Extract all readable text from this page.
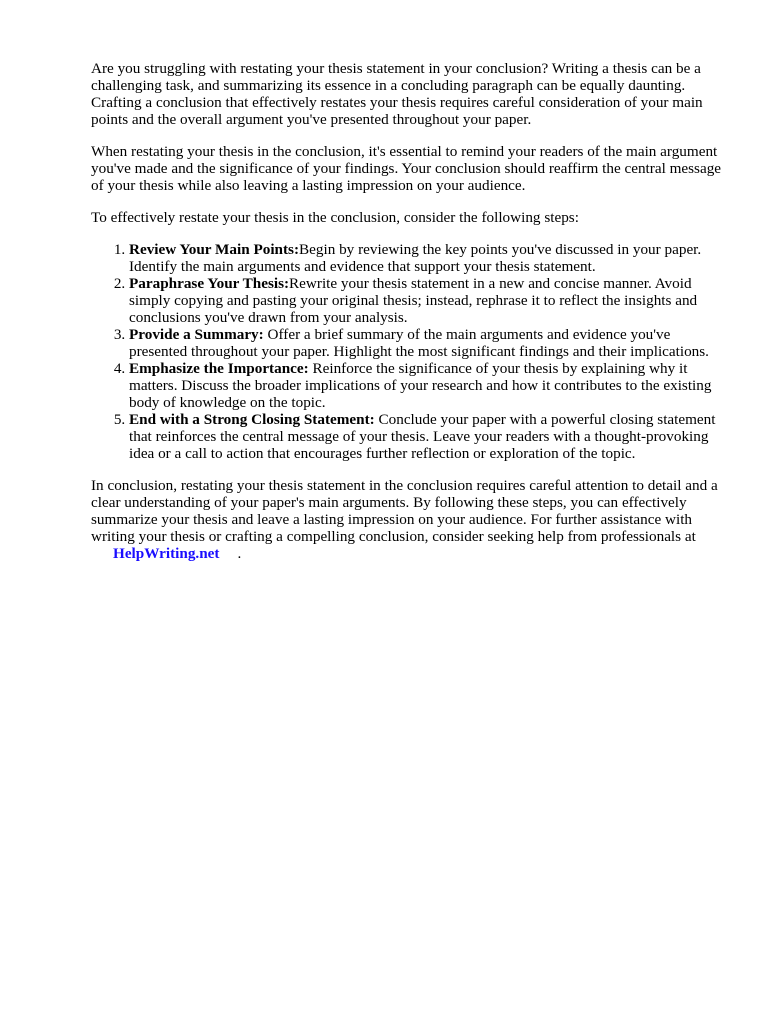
Are you struggling with restating your thesis statement in your conclusion? Writing a thesis can be a challenging task, and summarizing its essence in a concluding paragraph can be equally daunting. Crafting a conclusion that effectively restates your thesis requires careful consideration of your main points and the overall argument you've presented throughout your paper.

When restating your thesis in the conclusion, it's essential to remind your readers of the main argument you've made and the significance of your findings. Your conclusion should reaffirm the central message of your thesis while also leaving a lasting impression on your audience.

To effectively restate your thesis in the conclusion, consider the following steps:

1. Review Your Main Points:Begin by reviewing the key points you've discussed in your paper. Identify the main arguments and evidence that support your thesis statement.
2. Paraphrase Your Thesis:Rewrite your thesis statement in a new and concise manner. Avoid simply copying and pasting your original thesis; instead, rephrase it to reflect the insights and conclusions you've drawn from your analysis.
3. Provide a Summary: Offer a brief summary of the main arguments and evidence you've presented throughout your paper. Highlight the most significant findings and their implications.
4. Emphasize the Importance: Reinforce the significance of your thesis by explaining why it matters. Discuss the broader implications of your research and how it contributes to the existing body of knowledge on the topic.
5. End with a Strong Closing Statement: Conclude your paper with a powerful closing statement that reinforces the central message of your thesis. Leave your readers with a thought-provoking idea or a call to action that encourages further reflection or exploration of the topic.

In conclusion, restating your thesis statement in the conclusion requires careful attention to detail and a clear understanding of your paper's main arguments. By following these steps, you can effectively summarize your thesis and leave a lasting impression on your audience. For further assistance with writing your thesis or crafting a compelling conclusion, consider seeking help from professionals at

HelpWriting.net .
